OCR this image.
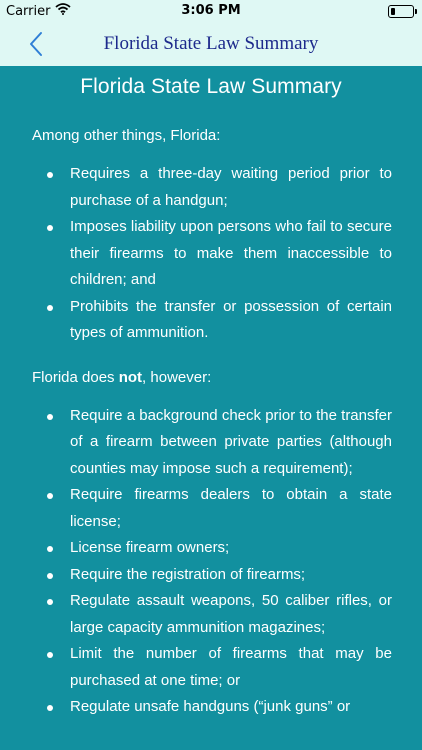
Carrier	3:06 PM
Florida State Law Summary
Florida State Law Summary

Among other things, Florida:

Requires a three-day waiting period prior to purchase of a handgun;
Imposes liability upon persons who fail to secure their firearms to make them inaccessible to children; and
Prohibits the transfer or possession of certain types of ammunition.

Florida does not, however:

Require a background check prior to the transfer of a firearm between private parties (although counties may impose such a requirement);
Require firearms dealers to obtain a state license;
License firearm owners;
Require the registration of firearms;
Regulate assault weapons, 50 caliber rifles, or large capacity ammunition magazines;
Limit the number of firearms that may be purchased at one time; or
Regulate unsafe handguns (“junk guns” or
